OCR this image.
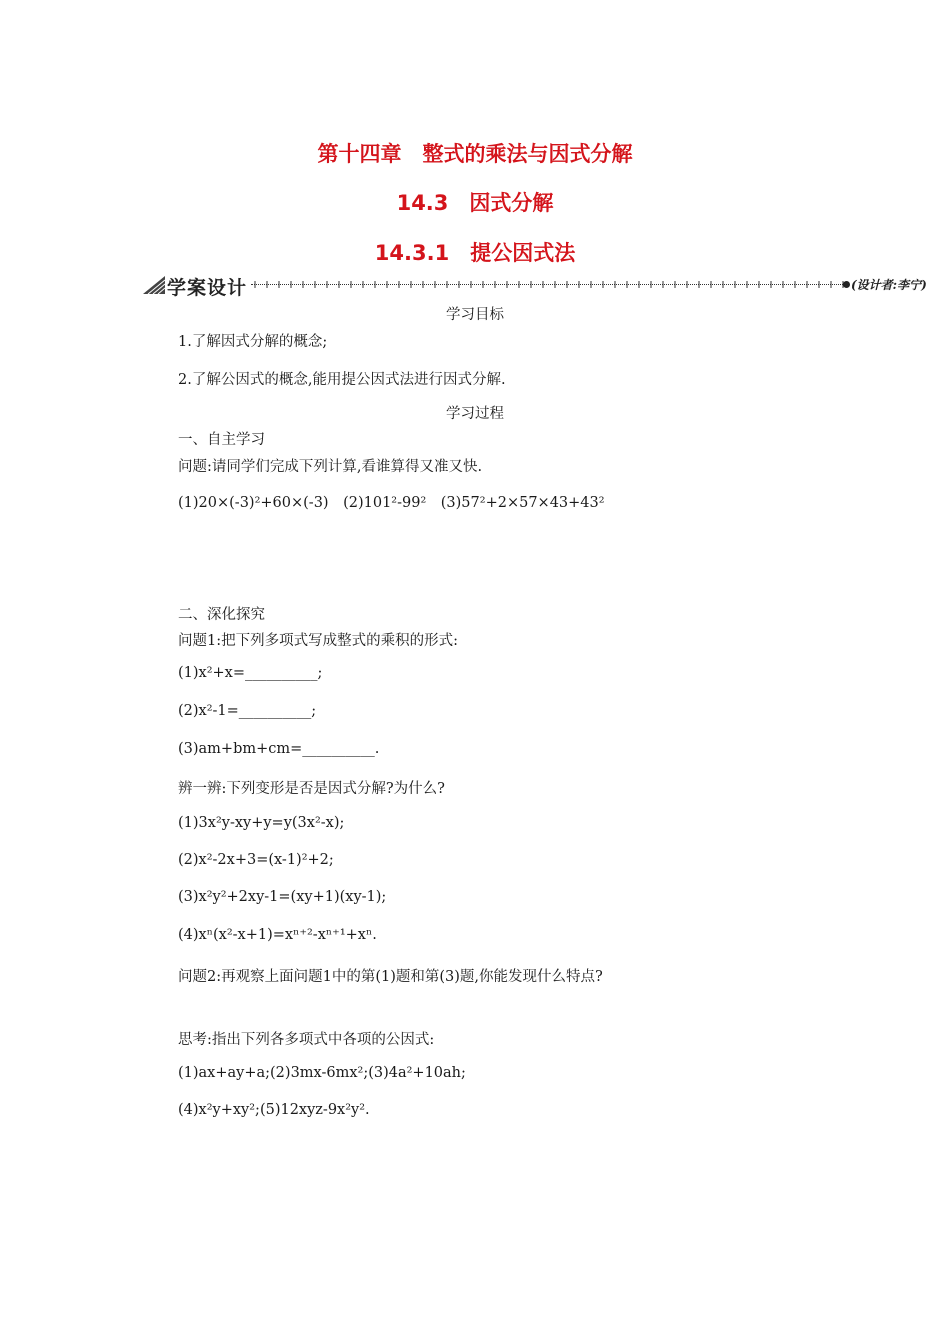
第十四章　整式的乘法与因式分解
14.3　因式分解
14.3.1　提公因式法
学案设计	(设计者:李宁)
学习目标
1.了解因式分解的概念;
2.了解公因式的概念,能用提公因式法进行因式分解.
学习过程
一、自主学习
问题:请同学们完成下列计算,看谁算得又准又快.
(1)20×(-3)²+60×(-3)　(2)101²-99²　(3)57²+2×57×43+43²
二、深化探究
问题1:把下列多项式写成整式的乘积的形式:
(1)x²+x=__________;
(2)x²-1=__________;
(3)am+bm+cm=__________.
辨一辨:下列变形是否是因式分解?为什么?
(1)3x²y-xy+y=y(3x²-x);
(2)x²-2x+3=(x-1)²+2;
(3)x²y²+2xy-1=(xy+1)(xy-1);
(4)xⁿ(x²-x+1)=xⁿ⁺²-xⁿ⁺¹+xⁿ.
问题2:再观察上面问题1中的第(1)题和第(3)题,你能发现什么特点?
思考:指出下列各多项式中各项的公因式:
(1)ax+ay+a;(2)3mx-6mx²;(3)4a²+10ah;
(4)x²y+xy²;(5)12xyz-9x²y².
